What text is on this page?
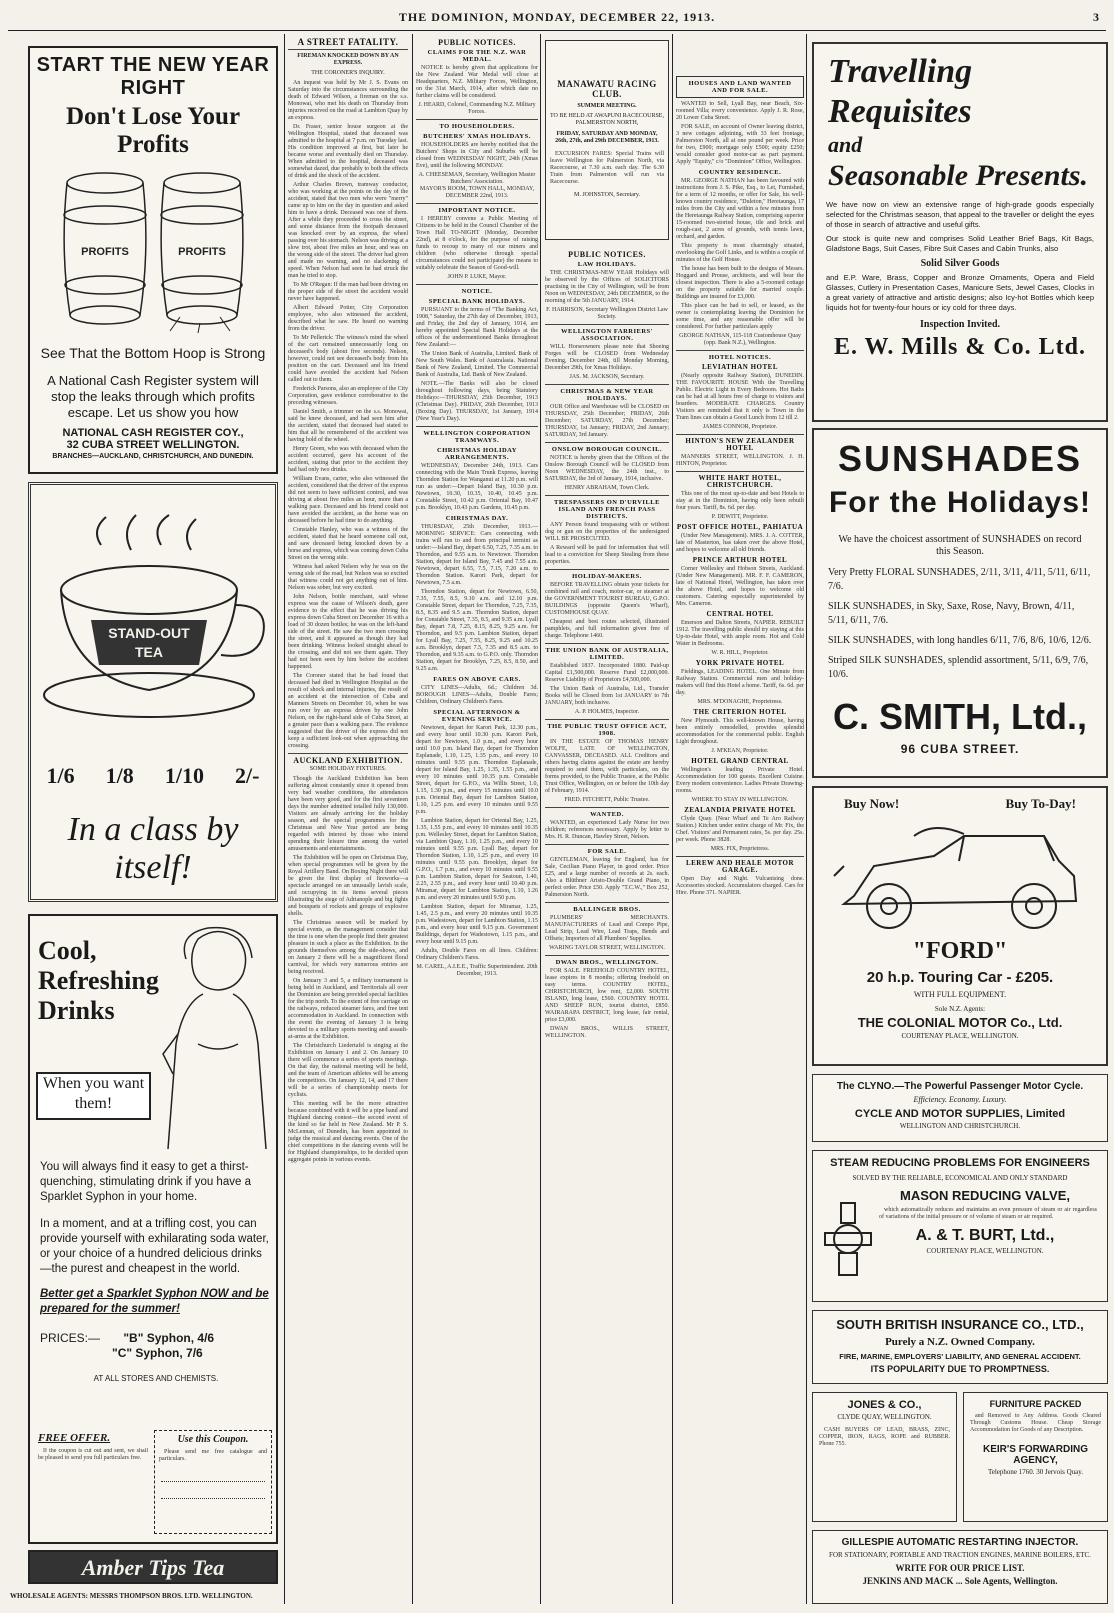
THE DOMINION, MONDAY, DECEMBER 22, 1913.	3
START THE NEW YEAR RIGHT
Don't Lose Your Profits
PROFITS	PROFITS
See That the Bottom Hoop is Strong
A National Cash Register system will stop the leaks through which profits escape. Let us show you how
NATIONAL CASH REGISTER COY.,
32 CUBA STREET WELLINGTON.
BRANCHES—AUCKLAND, CHRISTCHURCH, AND DUNEDIN.
STAND-OUT
TEA
1/6 1/8 1/10 2/-
In a class by itself!
Cool, Refreshing Drinks
When you want them!
You will always find it easy to get a thirst-quenching, stimulating drink if you have a Sparklet Syphon in your home.
In a moment, and at a trifling cost, you can provide yourself with exhilarating soda water, or your choice of a hundred delicious drinks—the purest and cheapest in the world.
Better get a Sparklet Syphon NOW and be prepared for the summer!
PRICES:— "B" Syphon, 4/6
"C" Syphon, 7/6
AT ALL STORES AND CHEMISTS.
FREE OFFER.

If the coupon is cut out and sent, we shall be pleased to send you full particulars free.

Use this Coupon.

Please send me free catalogue and particulars.

Amber Tips Tea
WHOLESALE AGENTS: MESSRS THOMPSON BROS. LTD. WELLINGTON.
A STREET FATALITY.
FIREMAN KNOCKED DOWN BY AN EXPRESS.
THE CORONER'S INQUIRY.

An inquest was held by Mr J. S. Evans on Saturday into the circumstances surrounding the death of Edward Wilson, a fireman on the s.s. Monowai, who met his death on Thursday from injuries received on the road at Lambton Quay by an express.

Dr. Fraser, senior house surgeon at the Wellington Hospital, stated that deceased was admitted to the hospital at 7 p.m. on Tuesday last. His condition improved at first, but later he became worse and eventually died on Thursday. When admitted to the hospital, deceased was somewhat dazed, due probably to both the effects of drink and the shock of the accident.

Arthur Charles Brown, tramway conductor, who was working at the points on the day of the accident, stated that two men who were "merry" came up to him on the day in question and asked him to have a drink. Deceased was one of them. After a while they proceeded to cross the street, and some distance from the footpath deceased was knocked over by an express, the wheel passing over his stomach. Nelson was driving at a slow trot, about five miles an hour, and was on the wrong side of the street. The driver had given and made no warning, and no slackening of speed. When Nelson had seen he had struck the man he tried to stop.

To Mr O'Regan: If the man had been driving on the proper side of the street the accident would never have happened.

Albert Edward Potter, City Corporation employee, who also witnessed the accident, described what he saw. He heard no warning from the driver.

To Mr Pellerick: The witness's mind the wheel of the cart remained unnecessarily long on deceased's body (about five seconds). Nelson, however, could not see deceased's body from his position on the cart. Deceased and his friend could have avoided the accident had Nelson called out to them.

Frederick Parsons, also an employee of the City Corporation, gave evidence corroborative to the preceding witnesses.

Daniel Smith, a trimmer on the s.s. Monowai, said he knew deceased, and had seen him after the accident, stated that deceased had stated to him that all he remembered of the accident was having hold of the wheel.

Henry Green, who was with deceased when the accident occurred, gave his account of the accident, stating that prior to the accident they had had only two drinks.

William Evans, carter, who also witnessed the accident, considered that the driver of the express did not seem to have sufficient control, and was driving at about five miles an hour, more than a walking pace. Deceased and his friend could not have avoided the accident, as the horse was on deceased before he had time to do anything.

Constable Hanley, who was a witness of the accident, stated that he heard someone call out, and saw deceased being knocked down by a horse and express, which was coming down Cuba Street on the wrong side.

Witness had asked Nelson why he was on the wrong side of the road, but Nelson was so excited that witness could not get anything out of him. Nelson was sober, but very excited.

John Nelson, bottle merchant, said whose express was the cause of Wilson's death, gave evidence to the effect that he was driving his express down Cuba Street on December 16 with a load of 30 dozen bottles; he was on the left-hand side of the street. He saw the two men crossing the street, and it appeared as though they had been drinking. Witness looked straight ahead to the crossing, and did not see them again. They had not been seen by him before the accident happened.

The Coroner stated that he had found that deceased had died in Wellington Hospital as the result of shock and internal injuries, the result of an accident at the intersection of Cuba and Manners Streets on December 16, when he was run over by an express driven by one John Nelson, on the right-hand side of Cuba Street, at a greater pace than a walking pace. The evidence suggested that the driver of the express did not keep a sufficient look-out when approaching the crossing.

AUCKLAND EXHIBITION.
SOME HOLIDAY FIXTURES.

Though the Auckland Exhibition has been suffering almost constantly since it opened from very bad weather conditions, the attendances have been very good, and for the first seventeen days the number admitted totalled fully 130,000. Visitors are already arriving for the holiday season, and the special programmes for the Christmas and New Year period are being regarded with interest by those who intend spending their leisure time among the varied amusements and entertainments.

The Exhibition will be open on Christmas Day, when special programmes will be given by the Royal Artillery Band. On Boxing Night there will be given the first display of fireworks—a spectacle arranged on an unusually lavish scale, and occupying in its items several pieces illustrating the siege of Adrianople and big fights and bouquets of rockets and groups of explosive shells.

The Christmas season will be marked by special events, as the management consider that the time is one when the people find their greatest pleasure in such a place as the Exhibition. In the grounds themselves among the side-shows, and on January 2 there will be a magnificent floral carnival, for which very numerous entries are being received.

On January 3 and 5, a military tournament is being held in Auckland, and Territorials all over the Dominion are being provided special facilities for the trip north. To the extent of free carriage on the railways, reduced steamer fares, and free tent accommodation in Auckland. In connection with the event the evening of January 3 is being devoted to a military sports meeting and assault-at-arms at the Exhibition.

The Christchurch Liedertafel is singing at the Exhibition on January 1 and 2. On January 10 there will commence a series of sports meetings. On that day, the national meeting will be held, and the team of American athletes will be among the competitors. On January 12, 14, and 17 there will be a series of championship meets for cyclists.

This meeting will be the more attractive because combined with it will be a pipe band and Highland dancing contest—the second event of the kind so far held in New Zealand. Mr P. S. McLennan, of Dunedin, has been appointed to judge the musical and dancing events. One of the chief competitions in the dancing events will be for Highland championships, to be decided upon aggregate points in various events.

PUBLIC NOTICES.
CLAIMS FOR THE N.Z. WAR MEDAL.

NOTICE is hereby given that applications for the New Zealand War Medal will close at Headquarters, N.Z. Military Forces, Wellington, on the 31st March, 1914, after which date no further claims will be considered.

J. HEARD, Colonel, Commanding N.Z. Military Forces.
TO HOUSEHOLDERS.
BUTCHERS' XMAS HOLIDAYS.

HOUSEHOLDERS are hereby notified that the Butchers' Shops in City and Suburbs will be closed from WEDNESDAY NIGHT, 24th (Xmas Eve), until the following MONDAY.

A. CHEESEMAN, Secretary, Wellington Master Butchers' Association.
MAYOR'S ROOM, TOWN HALL, MONDAY, DECEMBER 22nd, 1913.
IMPORTANT NOTICE.

I HEREBY convene a Public Meeting of Citizens to be held in the Council Chamber of the Town Hall TO-NIGHT (Monday, December 22nd), at 8 o'clock, for the purpose of raising funds to recoup to many of our miners and children (who otherwise through special circumstances could not participate) the means to suitably celebrate the Season of Good-will.

JOHN P. LUKE, Mayor.
NOTICE.
SPECIAL BANK HOLIDAYS.

PURSUANT to the terms of "The Banking Act, 1908," Saturday, the 27th day of December, 1913, and Friday, the 2nd day of January, 1914, are hereby appointed Special Bank Holidays at the offices of the undermentioned Banks throughout New Zealand:—

The Union Bank of Australia, Limited. Bank of New South Wales. Bank of Australasia. National Bank of New Zealand, Limited. The Commercial Bank of Australia, Ltd. Bank of New Zealand.

NOTE.—The Banks will also be closed throughout following days, being Statutory Holidays:—THURSDAY, 25th December, 1913 (Christmas Day). FRIDAY, 26th December, 1913 (Boxing Day). THURSDAY, 1st January, 1914 (New Year's Day).

WELLINGTON CORPORATION TRAMWAYS.
CHRISTMAS HOLIDAY ARRANGEMENTS.

WEDNESDAY, December 24th, 1913. Cars connecting with the Main Trunk Express, leaving Thorndon Station for Wanganui at 11.20 p.m. will run as under:—Depart Island Bay, 10.30 p.m. Newtown, 10.30, 10.35, 10.40, 10.45 p.m. Constable Street, 10.42 p.m. Oriental Bay, 10.47 p.m. Brooklyn, 10.43 p.m. Gardens, 10.45 p.m.

CHRISTMAS DAY.

THURSDAY, 25th December, 1913.—MORNING SERVICE: Cars connecting with trains will run to and from principal termini as under:—Island Bay, depart 6.50, 7.25, 7.35 a.m. to Thorndon, and 9.55 a.m. to Newtown. Thorndon Station, depart for Island Bay, 7.45 and 7.55 a.m. Newtown, depart 6.55, 7.5, 7.15, 7.20 a.m. to Thorndon Station. Karori Park, depart for Newtown, 7.5 a.m.

Thorndon Station, depart for Newtown, 6.50, 7.35, 7.55, 8.5, 9.10 a.m. and 12.10 p.m. Constable Street, depart for Thorndon, 7.25, 7.35, 8.5, 8.35 and 9.5 a.m. Thorndon Station, depart for Constable Street, 7.35, 8.5, and 9.35 a.m. Lyall Bay, depart 7.8, 7.25, 8.15, 8.25, 9.25 a.m. for Thorndon, and 9.5 p.m. Lambton Station, depart for Lyall Bay, 7.25, 7.55, 8.25, 9.25 and 10.25 a.m. Brooklyn, depart 7.5, 7.35 and 8.5 a.m. to Thorndon, and 9.35 a.m. to G.P.O. only. Thorndon Station, depart for Brooklyn, 7.25, 8.5, 8.50, and 9.25 a.m.

FARES ON ABOVE CARS.

CITY LINES—Adults, 6d.; Children 3d. BOROUGH LINES—Adults, Double Fares; Children, Ordinary Children's Fares.

SPECIAL AFTERNOON & EVENING SERVICE.

Newtown, depart for Karori Park, 12.30 p.m., and every hour until 10.30 p.m. Karori Park, depart for Newtown, 1.0 p.m., and every hour until 10.0 p.m. Island Bay, depart for Thorndon Esplanade, 1.10, 1.25, 1.35 p.m., and every 10 minutes until 9.55 p.m. Thorndon Esplanade, depart for Island Bay, 1.25, 1.35, 1.55 p.m., and every 10 minutes until 10.35 p.m. Constable Street, depart for G.P.O., via Willis Street, 1.0, 1.15, 1.30 p.m., and every 15 minutes until 10.0 p.m. Oriental Bay, depart for Lambton Station, 1.10, 1.25 p.m. and every 10 minutes until 9.55 p.m.

Lambton Station, depart for Oriental Bay, 1.25, 1.35, 1.55 p.m., and every 10 minutes until 10.35 p.m. Wellesley Street, depart for Lambton Station, via Lambton Quay, 1.10, 1.25 p.m., and every 10 minutes until 9.55 p.m. Lyall Bay, depart for Thorndon Station, 1.10, 1.25 p.m., and every 10 minutes until 9.55 p.m. Brooklyn, depart for G.P.O., 1.7 p.m., and every 10 minutes until 9.55 p.m. Lambton Station, depart for Seatoun, 1.40, 2.25, 2.55 p.m., and every hour until 10.40 p.m. Miramar, depart for Lambton Station, 1.10, 1.26 p.m. and every 20 minutes until 9.50 p.m.

Lambton Station, depart for Miramar, 1.25, 1.45, 2.5 p.m., and every 20 minutes until 10.35 p.m. Wadestown, depart for Lambton Station, 1.15 p.m., and every hour until 9.15 p.m. Government Buildings, depart for Wadestown, 1.15 p.m., and every hour until 9.15 p.m.

Adults, Double Fares on all lines. Children: Ordinary Children's Fares.

M. CAREL, A.I.E.E., Traffic Superintendent. 20th December, 1913.
MANAWATU RACING CLUB.
SUMMER MEETING.
TO BE HELD AT AWAPUNI RACECOURSE, PALMERSTON NORTH,
FRIDAY, SATURDAY AND MONDAY, 26th, 27th, and 29th DECEMBER, 1913.

EXCURSION FARES: Special Trains will leave Wellington for Palmerston North, via Racecourse, at 7.30 a.m. each day. The 6.30 Train from Palmerston will run via Racecourse.

M. JOHNSTON, Secretary.
PUBLIC NOTICES.
LAW HOLIDAYS.

THE CHRISTMAS-NEW YEAR Holidays will be observed by the Offices of SOLICITORS practising in the City of Wellington, will be from Noon on WEDNESDAY, 24th DECEMBER, to the morning of the 5th JANUARY, 1914.

F. HARRISON, Secretary Wellington District Law Society.
WELLINGTON FARRIERS' ASSOCIATION.

WILL Horseowners please note that Shoeing Forges will be CLOSED from Wednesday Evening, December 24th, till Monday Morning, December 29th, for Xmas Holidays.

JAS. M. JACKSON, Secretary.
CHRISTMAS & NEW YEAR HOLIDAYS.

OUR Office and Warehouse will be CLOSED on THURSDAY, 25th December; FRIDAY, 26th December; SATURDAY, 27th December; THURSDAY, 1st January; FRIDAY, 2nd January; SATURDAY, 3rd January.

ONSLOW BOROUGH COUNCIL.

NOTICE is hereby given that the Offices of the Onslow Borough Council will be CLOSED from Noon WEDNESDAY, the 24th inst., to SATURDAY, the 3rd of January, 1914, inclusive.

HENRY ABRAHAM, Town Clerk.
TRESPASSERS ON D'URVILLE ISLAND AND FRENCH PASS DISTRICTS.

ANY Person found trespassing with or without dog or gun on the properties of the undersigned WILL BE PROSECUTED.

A Reward will be paid for information that will lead to a conviction for Sheep Stealing from these properties.

HOLIDAY-MAKERS.

BEFORE TRAVELLING obtain your tickets for combined rail and coach, motor-car, or steamer at the GOVERNMENT TOURIST BUREAU, G.P.O. BUILDINGS (opposite Queen's Wharf), CUSTOMHOUSE QUAY.

Cheapest and best routes selected, illustrated pamphlets, and full information given free of charge. Telephone 1460.

THE UNION BANK OF AUSTRALIA, LIMITED.

Established 1837. Incorporated 1880. Paid-up Capital £1,500,000. Reserve Fund £2,000,000. Reserve Liability of Proprietors £4,500,000.

The Union Bank of Australia, Ltd., Transfer Books will be Closed from 1st JANUARY to 7th JANUARY, both inclusive.

A. P. HOLMES, Inspector.
THE PUBLIC TRUST OFFICE ACT, 1908.

IN THE ESTATE OF THOMAS HENRY WOLFE, LATE OF WELLINGTON, CANVASSER, DECEASED. ALL Creditors and others having claims against the estate are hereby required to send them, with particulars, on the forms provided, to the Public Trustee, at the Public Trust Office, Wellington, on or before the 10th day of February, 1914.

FRED. FITCHETT, Public Trustee.
WANTED.

WANTED, an experienced Lady Nurse for two children; references necessary. Apply by letter to Mrs. H. R. Duncan, Hawley Street, Nelson.

FOR SALE.

GENTLEMAN, leaving for England, has for Sale, Cecilian Piano Player, in good order. Price £25, and a large number of records at 2s. each. Also a Blüthner Aristo-Double Grand Piano, in perfect order. Price £50. Apply "T.C.W.," Box 252, Palmerston North.

BALLINGER BROS.

PLUMBERS' MERCHANTS. MANUFACTURERS of Lead and Compo Pipe, Lead Strip, Lead Wire, Lead Traps, Bends and Offsets; Importers of all Plumbers' Supplies.

WARING TAYLOR STREET, WELLINGTON.
DWAN BROS., WELLINGTON.

FOR SALE. FREEHOLD COUNTRY HOTEL, lease expires in 8 months; offering freehold on easy terms. COUNTRY HOTEL, CHRISTCHURCH, low rent, £2,000. SOUTH ISLAND, long lease, £560. COUNTRY HOTEL AND SHEEP RUN, tourist district, £850. WAIRARAPA DISTRICT, long lease, fair rental, price £3,000.

DWAN BROS., WILLIS STREET, WELLINGTON.

HOUSES AND LAND WANTED AND FOR SALE.

WANTED to Sell, Lyall Bay, near Beach, Six-roomed Villa; every convenience. Apply J. R. Rose, 20 Lower Cuba Street.

FOR SALE, on account of Owner leaving district, 3 new cottages adjoining, with 33 feet frontage, Palmerston North, all at one pound per week. Price for two, £900; mortgage only £500; equity £250; would consider good motor-car as part payment. Apply "Equity," c/o "Dominion" Office, Wellington.

COUNTRY RESIDENCE.

MR. GEORGE NATHAN has been favoured with instructions from J. S. Pike, Esq., to Let, Furnished, for a term of 12 months, or offer for Sale, his well-known country residence, "Duleton," Heretaunga, 17 miles from the City and within a few minutes from the Heretaunga Railway Station, comprising superior 15-roomed two-storied house, tile and brick and rough-cast, 2 acres of grounds, with tennis lawn, orchard, and garden.

This property is most charmingly situated, overlooking the Golf Links, and is within a couple of minutes of the Golf House.

The house has been built to the designs of Messrs. Hoggard and Prouse, architects, and will bear the closest inspection. There is also a 5-roomed cottage on the property suitable for married couple. Buildings are insured for £3,000.

This place can be had to sell, or leased, as the owner is contemplating leaving the Dominion for some time, and any reasonable offer will be considered. For further particulars apply

GEORGE NATHAN, 115-118 Customhouse Quay (opp. Bank N.Z.), Wellington.
HOTEL NOTICES.
LEVIATHAN HOTEL

(Nearly opposite Railway Station), DUNEDIN. THE FAVOURITE HOUSE With the Travelling Public. Electric Light in Every Bedroom. Hot Baths can be had at all hours free of charge to visitors and boarders. MODERATE CHARGES. Country Visitors are reminded that it only is Town in the Tram lines can obtain a Good Lunch from 12 till 2.

JAMES CONNOR, Proprietor.
HINTON'S NEW ZEALANDER HOTEL

MANNERS STREET, WELLINGTON. J. H. HINTON, Proprietor.

WHITE HART HOTEL, CHRISTCHURCH.

This one of the most up-to-date and best Hotels to stay at in the Dominion, having only been rebuilt four years. Tariff, 8s. 6d. per day.

P. DEWITT, Proprietor.
POST OFFICE HOTEL, PAHIATUA

(Under New Management). MRS. J. A. COTTER, late of Masterton, has taken over the above Hotel, and hopes to welcome all old friends.

PRINCE ARTHUR HOTEL

Corner Wellesley and Hobson Streets, Auckland. (Under New Management). MR. F. F. CAMERON, late of National Hotel, Wellington, has taken over the above Hotel, and hopes to welcome old customers. Catering especially superintended by Mrs. Cameron.

CENTRAL HOTEL

Emerson and Dalton Streets, NAPIER. REBUILT 1912. The travelling public should try staying at this Up-to-date Hotel, with ample room. Hot and Cold Water in Bedrooms.

W. R. HILL, Proprietor.
YORK PRIVATE HOTEL

Fieldings, LEADING HOTEL. One Minute from Railway Station. Commercial men and holiday-makers will find this Hotel a home. Tariff, 6s. 6d. per day.

MRS. M'DONAGHE, Proprietress.
THE CRITERION HOTEL

New Plymouth. This well-known House, having been entirely remodelled, provides splendid accommodation for the commercial public. English Light throughout.

J. M'KEAN, Proprietor.
HOTEL GRAND CENTRAL

Wellington's leading Private Hotel. Accommodation for 100 guests. Excellent Cuisine. Every modern convenience. Ladies Private Drawing-rooms.

WHERE TO STAY IN WELLINGTON.
ZEALANDIA PRIVATE HOTEL

Clyde Quay. (Near Wharf and Te Aro Railway Station.) Kitchen under entire charge of Mr. Fix, the Chef. Visitors' and Permanent rates, 5s. per day. 25s. per week. Phone 3828.

MRS. FIX, Proprietress.
LEREW AND HEALE MOTOR GARAGE.

Open Day and Night. Vulcanising done. Accessories stocked. Accumulators charged. Cars for Hire. Phone 371. NAPIER.

Travelling
Requisites
and
Seasonable Presents.
We have now on view an extensive range of high-grade goods especially selected for the Christmas season, that appeal to the traveller or delight the eyes of those in search of attractive and useful gifts.
Our stock is quite new and comprises Solid Leather Brief Bags, Kit Bags, Gladstone Bags, Suit Cases, Fibre Suit Cases and Cabin Trunks, also
Solid Silver Goods
and E.P. Ware, Brass, Copper and Bronze Ornaments, Opera and Field Glasses, Cutlery in Presentation Cases, Manicure Sets, Jewel Cases, Clocks in a great variety of attractive and artistic designs; also Icy-hot Bottles which keep liquids hot for twenty-four hours or icy cold for three days.
Inspection Invited.
E. W. Mills & Co. Ltd.
SUNSHADES
For the Holidays!
We have the choicest assortment of SUNSHADES on record this Season.
Very Pretty FLORAL SUNSHADES, 2/11, 3/11, 4/11, 5/11, 6/11, 7/6.
SILK SUNSHADES, in Sky, Saxe, Rose, Navy, Brown, 4/11, 5/11, 6/11, 7/6.
SILK SUNSHADES, with long handles 6/11, 7/6, 8/6, 10/6, 12/6.
Striped SILK SUNSHADES, splendid assortment, 5/11, 6/9, 7/6, 10/6.
C. SMITH, Ltd.,
96 CUBA STREET.
Buy Now!	Buy To-Day!
"FORD"
20 h.p. Touring Car - £205.
WITH FULL EQUIPMENT.
Sole N.Z. Agents:
THE COLONIAL MOTOR Co., Ltd.
COURTENAY PLACE, WELLINGTON.
The CLYNO.—The Powerful Passenger Motor Cycle.
Efficiency. Economy. Luxury.
CYCLE AND MOTOR SUPPLIES, Limited
WELLINGTON AND CHRISTCHURCH.
STEAM REDUCING PROBLEMS FOR ENGINEERS
SOLVED BY THE RELIABLE, ECONOMICAL AND ONLY STANDARD
MASON REDUCING VALVE,

which automatically reduces and maintains an even pressure of steam or air regardless of variations of the initial pressure or of volume of steam or air required.

A. & T. BURT, Ltd.,
COURTENAY PLACE, WELLINGTON.
SOUTH BRITISH INSURANCE CO., LTD.,
Purely a N.Z. Owned Company.
FIRE, MARINE, EMPLOYERS' LIABILITY, AND GENERAL ACCIDENT.
ITS POPULARITY DUE TO PROMPTNESS.
JONES & CO.,
CLYDE QUAY, WELLINGTON.

CASH BUYERS OF LEAD, BRASS, ZINC, COPPER, IRON, RAGS, ROPE and RUBBER. Phone 755.

FURNITURE PACKED

and Removed to Any Address. Goods Cleared Through Customs House. Cheap Storage Accommodation for Goods of any Description.

KEIR'S FORWARDING AGENCY,
Telephone 1760. 30 Jervois Quay.
GILLESPIE AUTOMATIC RESTARTING INJECTOR.
FOR STATIONARY, PORTABLE AND TRACTION ENGINES, MARINE BOILERS, ETC.
WRITE FOR OUR PRICE LIST.
JENKINS AND MACK ... Sole Agents, Wellington.
